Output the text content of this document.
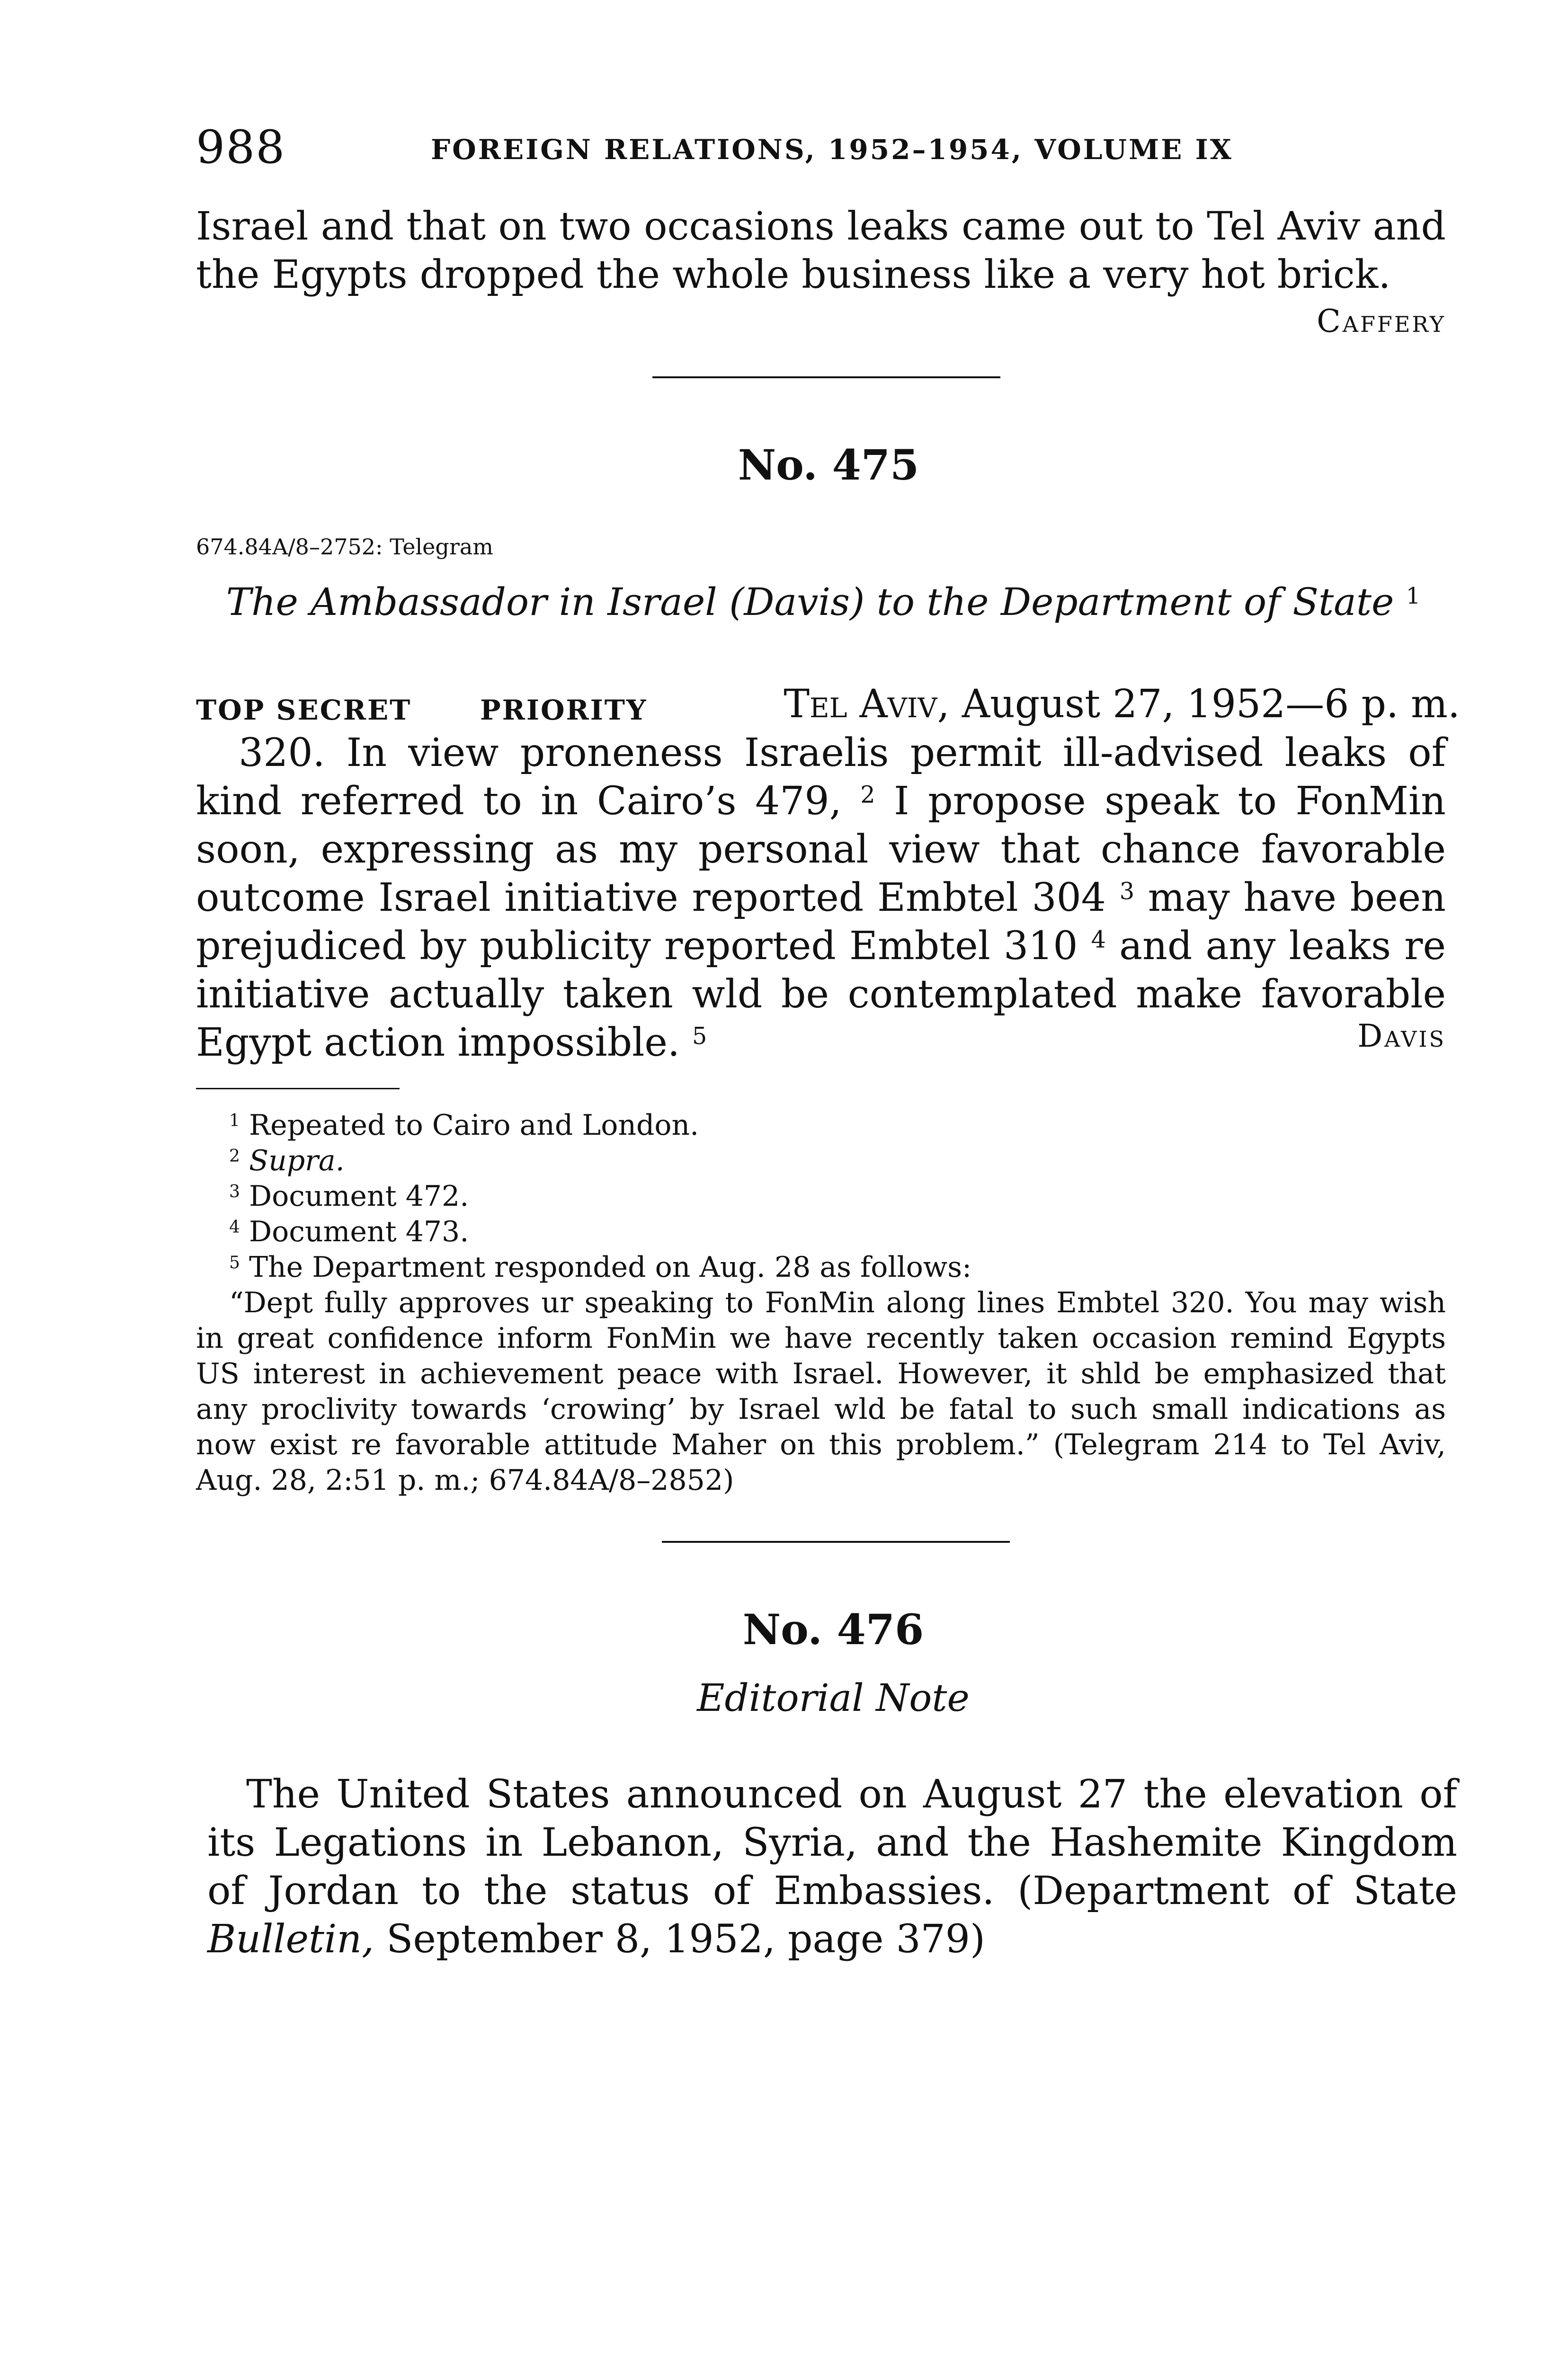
988	FOREIGN RELATIONS, 1952–1954, VOLUME IX
Israel and that on two occasions leaks came out to Tel Aviv and the Egypts dropped the whole business like a very hot brick.
Caffery
No. 475
674.84A/8–2752: Telegram
The Ambassador in Israel (Davis) to the Department of State $^1$
TOP SECRET PRIORITY	Tel Aviv, August 27, 1952—6 p. m.
320. In view proneness Israelis permit ill-advised leaks of kind referred to in Cairo’s 479, $^2$ I propose speak to FonMin soon, expressing as my personal view that chance favorable outcome Israel initiative reported Embtel 304 $^3$ may have been prejudiced by publicity reported Embtel 310 $^4$ and any leaks re initiative actually taken wld be contemplated make favorable Egypt action impossible. $^5$	Davis
$^1$ Repeated to Cairo and London.
$^2$ Supra.
$^3$ Document 472.
$^4$ Document 473.
$^5$ The Department responded on Aug. 28 as follows:
“Dept fully approves ur speaking to FonMin along lines Embtel 320. You may wish in great confidence inform FonMin we have recently taken occasion remind Egypts US interest in achievement peace with Israel. However, it shld be emphasized that any proclivity towards ‘crowing’ by Israel wld be fatal to such small indications as now exist re favorable attitude Maher on this problem.” (Telegram 214 to Tel Aviv, Aug. 28, 2:51 p. m.; 674.84A/8–2852)
No. 476
Editorial Note
The United States announced on August 27 the elevation of its Legations in Lebanon, Syria, and the Hashemite Kingdom of Jordan to the status of Embassies. (Department of State Bulletin, September 8, 1952, page 379)
